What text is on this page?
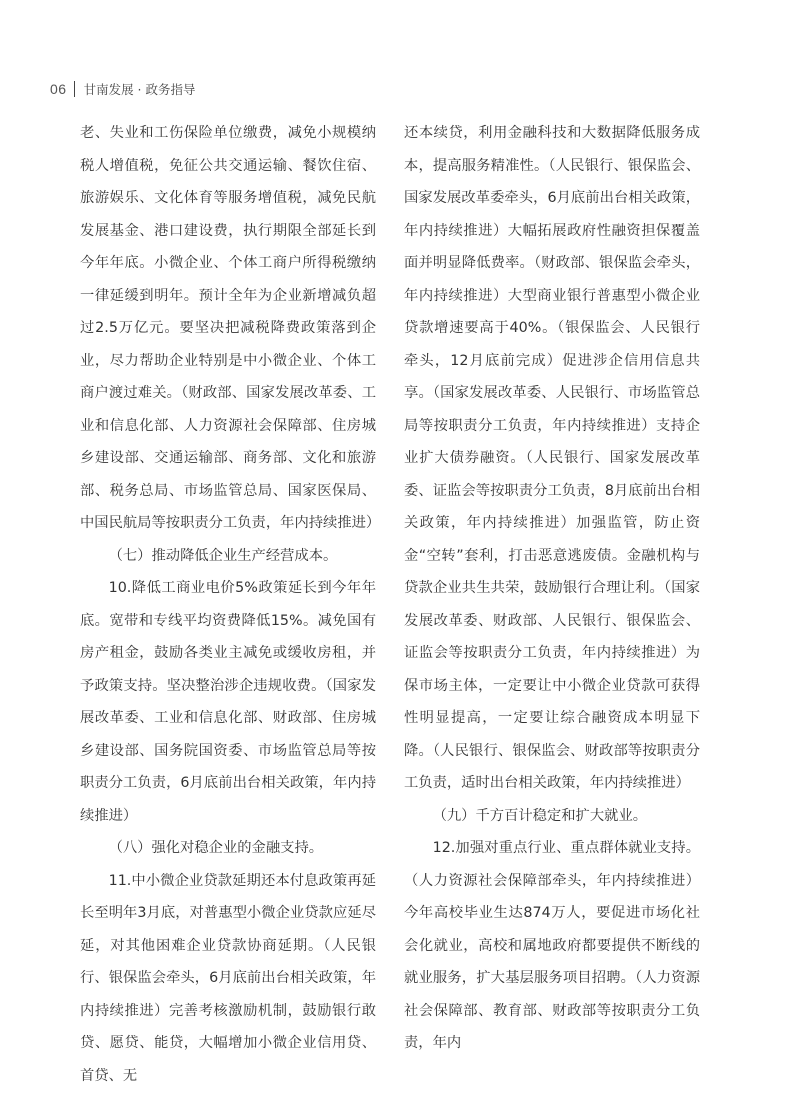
06 甘南发展 · 政务指导

老、失业和工伤保险单位缴费，减免小规模纳税人增值税，免征公共交通运输、餐饮住宿、旅游娱乐、文化体育等服务增值税，减免民航发展基金、港口建设费，执行期限全部延长到今年年底。小微企业、个体工商户所得税缴纳一律延缓到明年。预计全年为企业新增减负超过2.5万亿元。要坚决把减税降费政策落到企业，尽力帮助企业特别是中小微企业、个体工商户渡过难关。（财政部、国家发展改革委、工业和信息化部、人力资源社会保障部、住房城乡建设部、交通运输部、商务部、文化和旅游部、税务总局、市场监管总局、国家医保局、中国民航局等按职责分工负责，年内持续推进）

（七）推动降低企业生产经营成本。

10.降低工商业电价5%政策延长到今年年底。宽带和专线平均资费降低15%。减免国有房产租金，鼓励各类业主减免或缓收房租，并予政策支持。坚决整治涉企违规收费。（国家发展改革委、工业和信息化部、财政部、住房城乡建设部、国务院国资委、市场监管总局等按职责分工负责，6月底前出台相关政策，年内持续推进）

（八）强化对稳企业的金融支持。

11.中小微企业贷款延期还本付息政策再延长至明年3月底，对普惠型小微企业贷款应延尽延，对其他困难企业贷款协商延期。（人民银行、银保监会牵头，6月底前出台相关政策，年内持续推进）完善考核激励机制，鼓励银行敢贷、愿贷、能贷，大幅增加小微企业信用贷、首贷、无

还本续贷，利用金融科技和大数据降低服务成本，提高服务精准性。（人民银行、银保监会、国家发展改革委牵头，6月底前出台相关政策，年内持续推进）大幅拓展政府性融资担保覆盖面并明显降低费率。（财政部、银保监会牵头，年内持续推进）大型商业银行普惠型小微企业贷款增速要高于40%。（银保监会、人民银行牵头，12月底前完成）促进涉企信用信息共享。（国家发展改革委、人民银行、市场监管总局等按职责分工负责，年内持续推进）支持企业扩大债券融资。（人民银行、国家发展改革委、证监会等按职责分工负责，8月底前出台相关政策，年内持续推进）加强监管，防止资金“空转”套利，打击恶意逃废债。金融机构与贷款企业共生共荣，鼓励银行合理让利。（国家发展改革委、财政部、人民银行、银保监会、证监会等按职责分工负责，年内持续推进）为保市场主体，一定要让中小微企业贷款可获得性明显提高，一定要让综合融资成本明显下降。（人民银行、银保监会、财政部等按职责分工负责，适时出台相关政策，年内持续推进）

（九）千方百计稳定和扩大就业。

12.加强对重点行业、重点群体就业支持。（人力资源社会保障部牵头，年内持续推进）今年高校毕业生达874万人，要促进市场化社会化就业，高校和属地政府都要提供不断线的就业服务，扩大基层服务项目招聘。（人力资源社会保障部、教育部、财政部等按职责分工负责，年内
